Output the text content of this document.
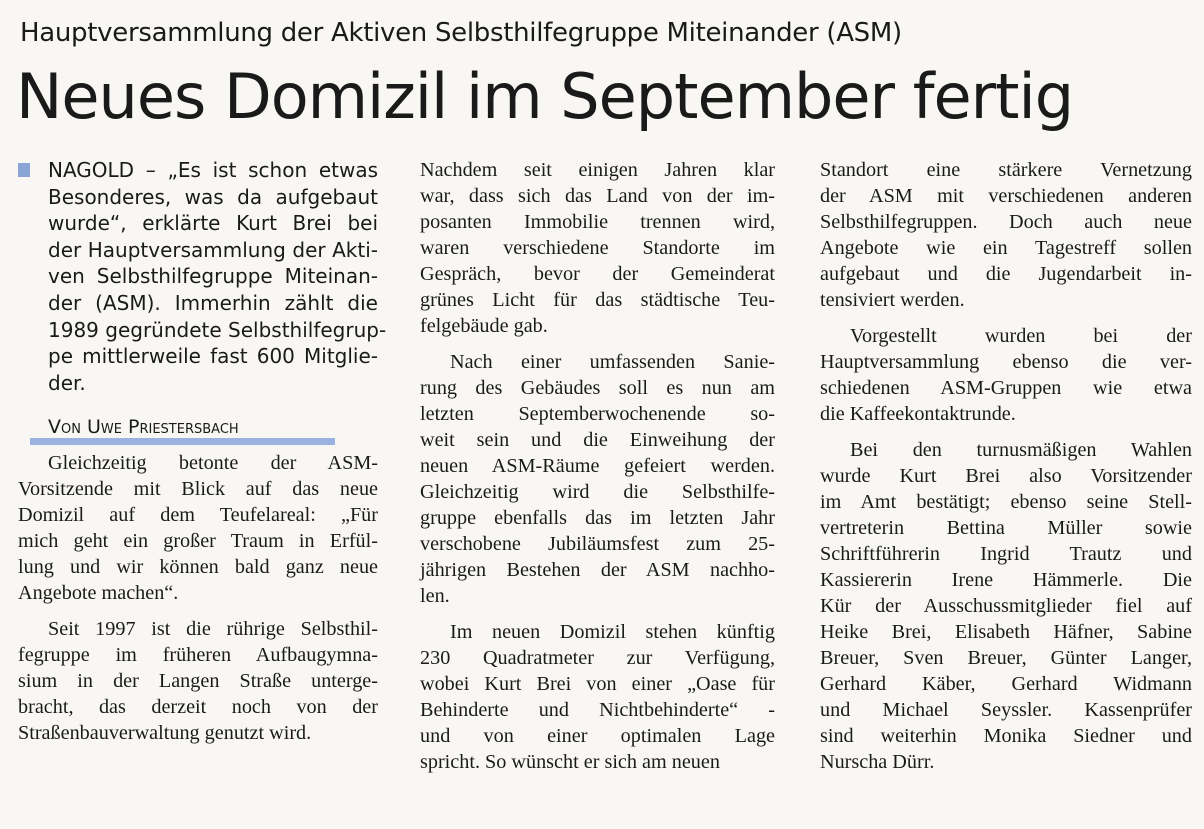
Hauptversammlung der Aktiven Selbsthilfegruppe Miteinander (ASM)
Neues Domizil im September fertig
NAGOLD – „Es ist schon etwas
Besonderes, was da aufgebaut
wurde“, erklärte Kurt Brei bei
der Hauptversammlung der Akti-
ven Selbsthilfegruppe Miteinan-
der (ASM). Immerhin zählt die
1989 gegründete Selbsthilfegrup-
pe mittlerweile fast 600 Mitglie-
der.
Von Uwe Priestersbach

Gleichzeitig betonte der ASM-
Vorsitzende mit Blick auf das neue
Domizil auf dem Teufelareal: „Für
mich geht ein großer Traum in Erfül-
lung und wir können bald ganz neue
Angebote machen“.

Seit 1997 ist die rührige Selbsthil-
fegruppe im früheren Aufbaugymna-
sium in der Langen Straße unterge-
bracht, das derzeit noch von der
Straßenbauverwaltung genutzt wird.

Nachdem seit einigen Jahren klar
war, dass sich das Land von der im-
posanten Immobilie trennen wird,
waren verschiedene Standorte im
Gespräch, bevor der Gemeinderat
grünes Licht für das städtische Teu-
felgebäude gab.

Nach einer umfassenden Sanie-
rung des Gebäudes soll es nun am
letzten Septemberwochenende so-
weit sein und die Einweihung der
neuen ASM-Räume gefeiert werden.
Gleichzeitig wird die Selbsthilfe-
gruppe ebenfalls das im letzten Jahr
verschobene Jubiläumsfest zum 25-
jährigen Bestehen der ASM nachho-
len.

Im neuen Domizil stehen künftig
230 Quadratmeter zur Verfügung,
wobei Kurt Brei von einer „Oase für
Behinderte und Nichtbehinderte“ -
und von einer optimalen Lage
spricht. So wünscht er sich am neuen

Standort eine stärkere Vernetzung
der ASM mit verschiedenen anderen
Selbsthilfegruppen. Doch auch neue
Angebote wie ein Tagestreff sollen
aufgebaut und die Jugendarbeit in-
tensiviert werden.

Vorgestellt wurden bei der
Hauptversammlung ebenso die ver-
schiedenen ASM-Gruppen wie etwa
die Kaffeekontaktrunde.

Bei den turnusmäßigen Wahlen
wurde Kurt Brei also Vorsitzender
im Amt bestätigt; ebenso seine Stell-
vertreterin Bettina Müller sowie
Schriftführerin Ingrid Trautz und
Kassiererin Irene Hämmerle. Die
Kür der Ausschussmitglieder fiel auf
Heike Brei, Elisabeth Häfner, Sabine
Breuer, Sven Breuer, Günter Langer,
Gerhard Käber, Gerhard Widmann
und Michael Seyssler. Kassenprüfer
sind weiterhin Monika Siedner und
Nurscha Dürr.
